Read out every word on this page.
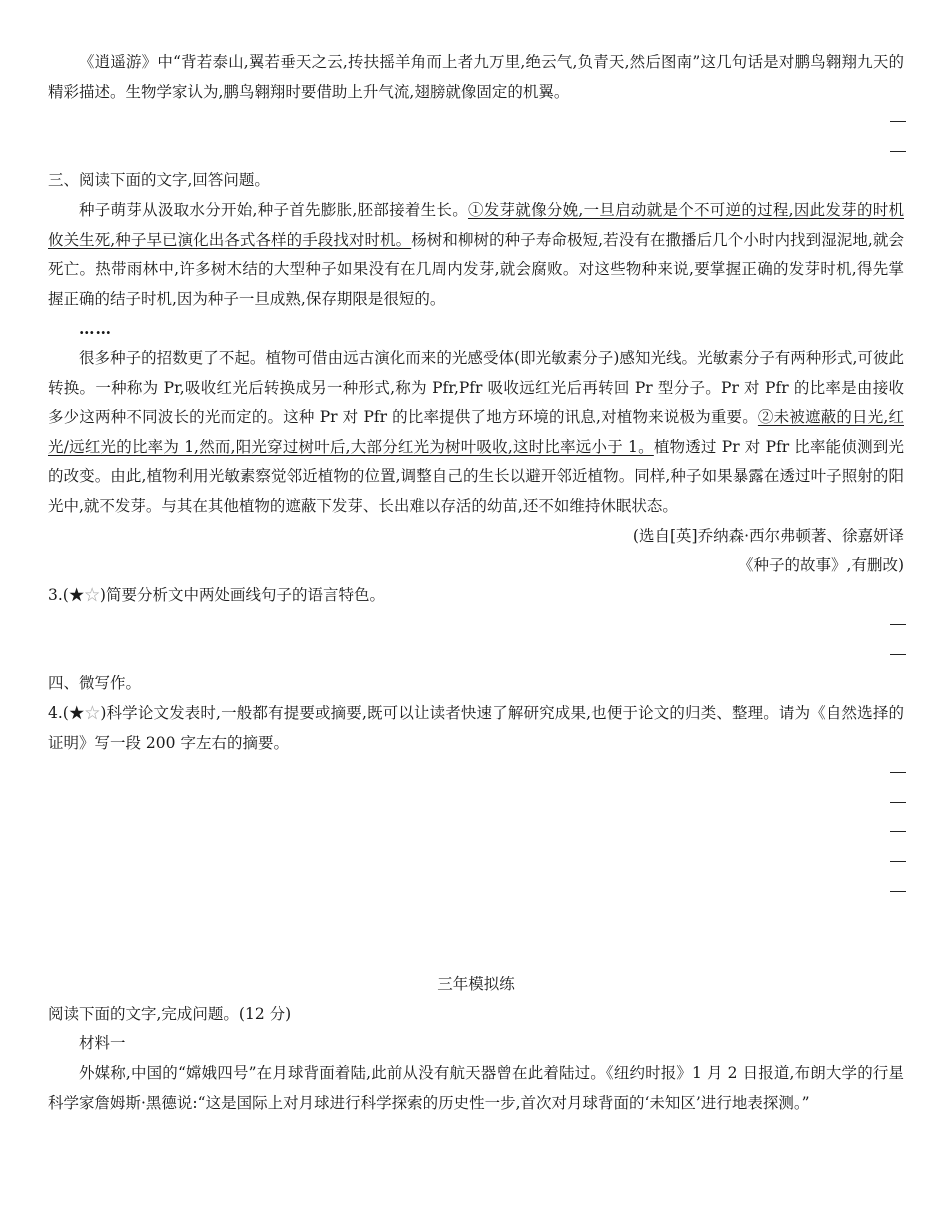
《逍遥游》中“背若泰山,翼若垂天之云,抟扶摇羊角而上者九万里,绝云气,负青天,然后图南”这几句话是对鹏鸟翱翔九天的精彩描述。生物学家认为,鹏鸟翱翔时要借助上升气流,翅膀就像固定的机翼。

三、阅读下面的文字,回答问题。

种子萌芽从汲取水分开始,种子首先膨胀,胚部接着生长。①发芽就像分娩,一旦启动就是个不可逆的过程,因此发芽的时机攸关生死,种子早已演化出各式各样的手段找对时机。杨树和柳树的种子寿命极短,若没有在撒播后几个小时内找到湿泥地,就会死亡。热带雨林中,许多树木结的大型种子如果没有在几周内发芽,就会腐败。对这些物种来说,要掌握正确的发芽时机,得先掌握正确的结子时机,因为种子一旦成熟,保存期限是很短的。

……

很多种子的招数更了不起。植物可借由远古演化而来的光感受体(即光敏素分子)感知光线。光敏素分子有两种形式,可彼此转换。一种称为 Pr,吸收红光后转换成另一种形式,称为 Pfr,Pfr 吸收远红光后再转回 Pr 型分子。Pr 对 Pfr 的比率是由接收多少这两种不同波长的光而定的。这种 Pr 对 Pfr 的比率提供了地方环境的讯息,对植物来说极为重要。②未被遮蔽的日光,红光/远红光的比率为 1,然而,阳光穿过树叶后,大部分红光为树叶吸收,这时比率远小于 1。植物透过 Pr 对 Pfr 比率能侦测到光的改变。由此,植物利用光敏素察觉邻近植物的位置,调整自己的生长以避开邻近植物。同样,种子如果暴露在透过叶子照射的阳光中,就不发芽。与其在其他植物的遮蔽下发芽、长出难以存活的幼苗,还不如维持休眠状态。

(选自[英]乔纳森·西尔弗顿著、徐嘉妍译

《种子的故事》,有删改)

3.(★☆)简要分析文中两处画线句子的语言特色。

四、微写作。

4.(★☆)科学论文发表时,一般都有提要或摘要,既可以让读者快速了解研究成果,也便于论文的归类、整理。请为《自然选择的证明》写一段 200 字左右的摘要。

三年模拟练

阅读下面的文字,完成问题。(12 分)

材料一

外媒称,中国的“嫦娥四号”在月球背面着陆,此前从没有航天器曾在此着陆过。《纽约时报》1 月 2 日报道,布朗大学的行星科学家詹姆斯·黑德说:“这是国际上对月球进行科学探索的历史性一步,首次对月球背面的‘未知区’进行地表探测。”
